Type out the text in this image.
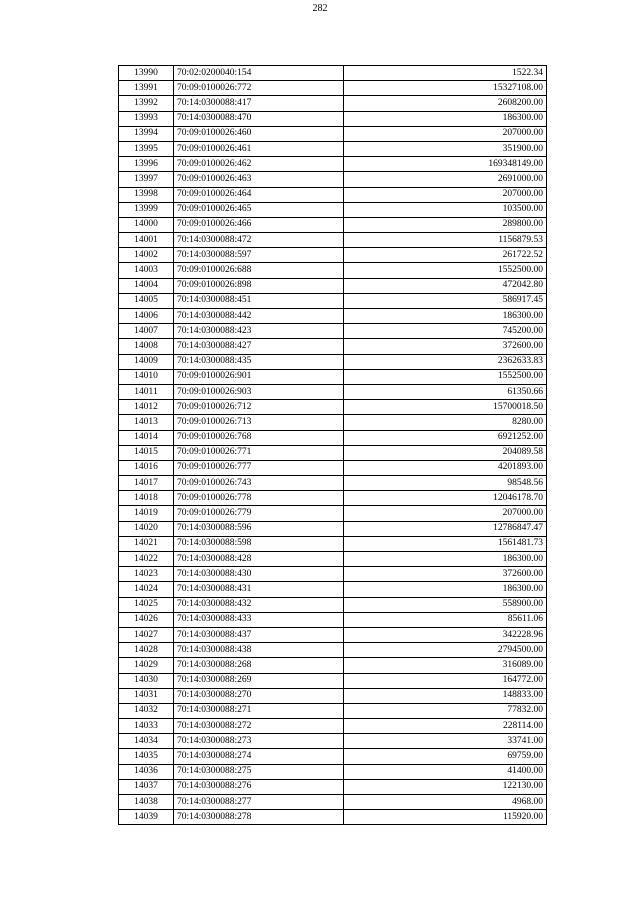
282
13990	70:02:0200040:154	1522.34
13991	70:09:0100026:772	15327108.00
13992	70:14:0300088:417	2608200.00
13993	70:14:0300088:470	186300.00
13994	70:09:0100026:460	207000.00
13995	70:09:0100026:461	351900.00
13996	70:09:0100026:462	169348149.00
13997	70:09:0100026:463	2691000.00
13998	70:09:0100026:464	207000.00
13999	70:09:0100026:465	103500.00
14000	70:09:0100026:466	289800.00
14001	70:14:0300088:472	1156879.53
14002	70:14:0300088:597	261722.52
14003	70:09:0100026:688	1552500.00
14004	70:09:0100026:898	472042.80
14005	70:14:0300088:451	586917.45
14006	70:14:0300088:442	186300.00
14007	70:14:0300088:423	745200.00
14008	70:14:0300088:427	372600.00
14009	70:14:0300088:435	2362633.83
14010	70:09:0100026:901	1552500.00
14011	70:09:0100026:903	61350.66
14012	70:09:0100026:712	15700018.50
14013	70:09:0100026:713	8280.00
14014	70:09:0100026:768	6921252.00
14015	70:09:0100026:771	204089.58
14016	70:09:0100026:777	4201893.00
14017	70:09:0100026:743	98548.56
14018	70:09:0100026:778	12046178.70
14019	70:09:0100026:779	207000.00
14020	70:14:0300088:596	12786847.47
14021	70:14:0300088:598	1561481.73
14022	70:14:0300088:428	186300.00
14023	70:14:0300088:430	372600.00
14024	70:14:0300088:431	186300.00
14025	70:14:0300088:432	558900.00
14026	70:14:0300088:433	85611.06
14027	70:14:0300088:437	342228.96
14028	70:14:0300088:438	2794500.00
14029	70:14:0300088:268	316089.00
14030	70:14:0300088:269	164772.00
14031	70:14:0300088:270	148833.00
14032	70:14:0300088:271	77832.00
14033	70:14:0300088:272	228114.00
14034	70:14:0300088:273	33741.00
14035	70:14:0300088:274	69759.00
14036	70:14:0300088:275	41400.00
14037	70:14:0300088:276	122130.00
14038	70:14:0300088:277	4968.00
14039	70:14:0300088:278	115920.00
